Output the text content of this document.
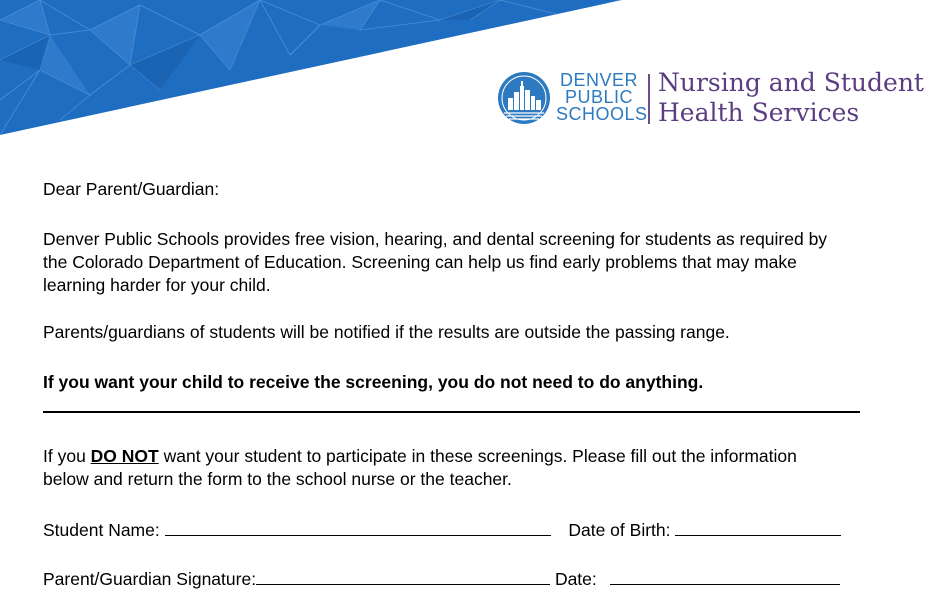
DENVER
PUBLIC
SCHOOLS
Nursing and Student
Health Services
Dear Parent/Guardian:
Denver Public Schools provides free vision, hearing, and dental screening for students as required by
the Colorado Department of Education. Screening can help us find early problems that may make
learning harder for your child.
Parents/guardians of students will be notified if the results are outside the passing range.
If you want your child to receive the screening, you do not need to do anything.
If you DO NOT want your student to participate in these screenings. Please fill out the information
below and return the form to the school nurse or the teacher.
Student Name:	Date of Birth:
Parent/Guardian Signature:	Date:
